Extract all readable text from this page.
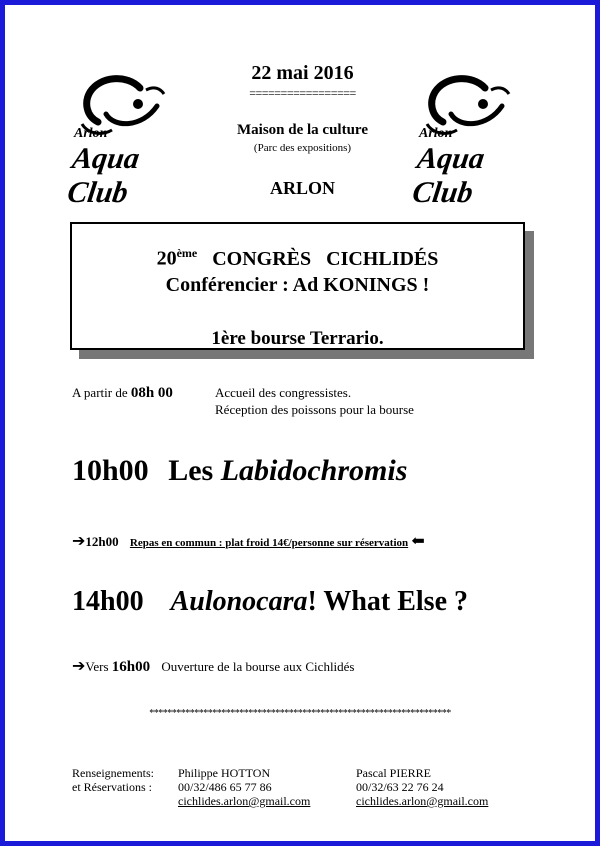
Arlon
Aqua Club
Arlon
Aqua Club
22 mai 2016
=================
Maison de la culture
(Parc des expositions)
ARLON
20ème CONGRÈS   CICHLIDÉS
Conférencier : Ad KONINGS !
1ère bourse Terrario.
A partir de 08h 00	Accueil des congressistes.
Réception des poissons pour la bourse
10h00 Les Labidochromis
➔12h00 Repas en commun : plat froid 14€/personne sur réservation ⬅
14h00 Aulonocara! What Else ?
➔Vers 16h00 Ouverture de la bourse aux Cichlidés
*******************************************************************
Renseignements:
et Réservations :
Philippe HOTTON
00/32/486 65 77 86
cichlides.arlon@gmail.com
Pascal PIERRE
00/32/63 22 76 24
cichlides.arlon@gmail.com
